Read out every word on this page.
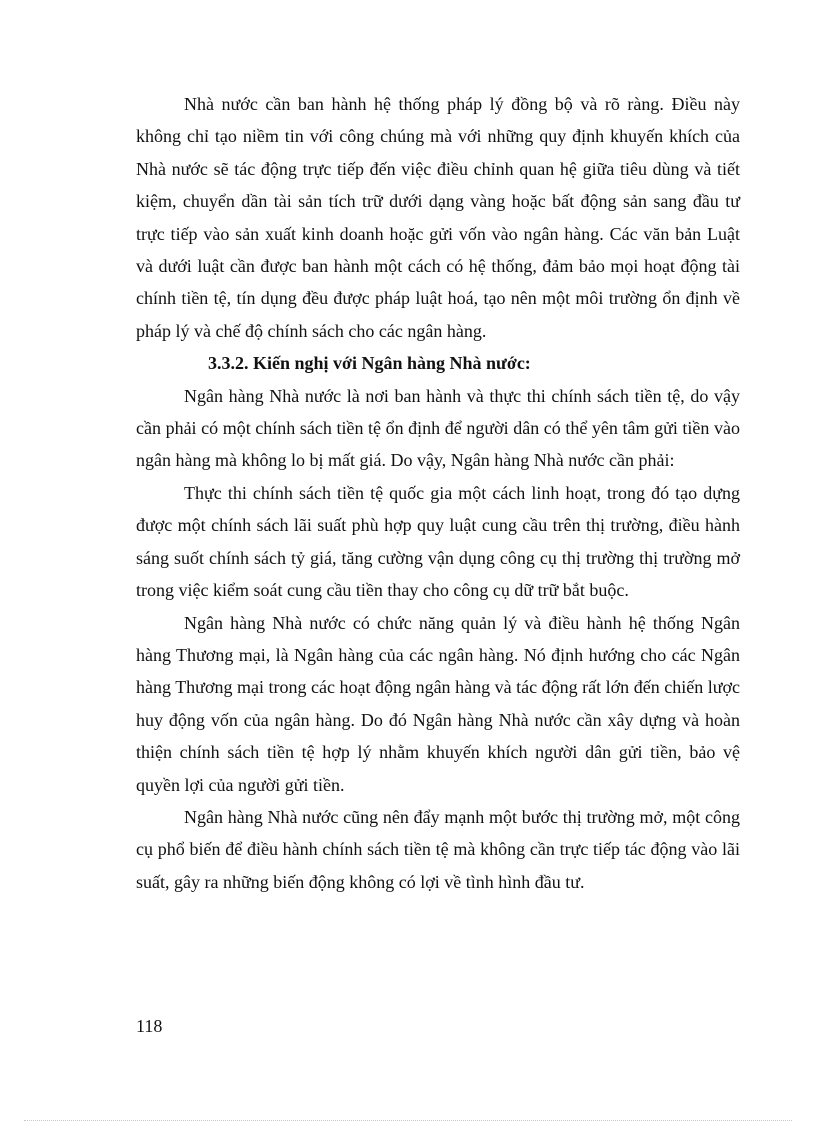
Nhà nước cần ban hành hệ thống pháp lý đồng bộ và rõ ràng. Điều này không chỉ tạo niềm tin với công chúng mà với những quy định khuyến khích của Nhà nước sẽ tác động trực tiếp đến việc điều chỉnh quan hệ giữa tiêu dùng và tiết kiệm, chuyển dần tài sản tích trữ dưới dạng vàng hoặc bất động sản sang đầu tư trực tiếp vào sản xuất kinh doanh hoặc gửi vốn vào ngân hàng. Các văn bản Luật và dưới luật cần được ban hành một cách có hệ thống, đảm bảo mọi hoạt động tài chính tiền tệ, tín dụng đều được pháp luật hoá, tạo nên một môi trường ổn định về pháp lý và chế độ chính sách cho các ngân hàng.

3.3.2. Kiến nghị với Ngân hàng Nhà nước:

Ngân hàng Nhà nước là nơi ban hành và thực thi chính sách tiền tệ, do vậy cần phải có một chính sách tiền tệ ổn định để người dân có thể yên tâm gửi tiền vào ngân hàng mà không lo bị mất giá. Do vậy, Ngân hàng Nhà nước cần phải:

Thực thi chính sách tiền tệ quốc gia một cách linh hoạt, trong đó tạo dựng được một chính sách lãi suất phù hợp quy luật cung cầu trên thị trường, điều hành sáng suốt chính sách tỷ giá, tăng cường vận dụng công cụ thị trường thị trường mở trong việc kiểm soát cung cầu tiền thay cho công cụ dữ trữ bắt buộc.

Ngân hàng Nhà nước có chức năng quản lý và điều hành hệ thống Ngân hàng Thương mại, là Ngân hàng của các ngân hàng. Nó định hướng cho các Ngân hàng Thương mại trong các hoạt động ngân hàng và tác động rất lớn đến chiến lược huy động vốn của ngân hàng. Do đó Ngân hàng Nhà nước cần xây dựng và hoàn thiện chính sách tiền tệ hợp lý nhằm khuyến khích người dân gửi tiền, bảo vệ quyền lợi của người gửi tiền.

Ngân hàng Nhà nước cũng nên đẩy mạnh một bước thị trường mở, một công cụ phổ biến để điều hành chính sách tiền tệ mà không cần trực tiếp tác động vào lãi suất, gây ra những biến động không có lợi về tình hình đầu tư.

118
